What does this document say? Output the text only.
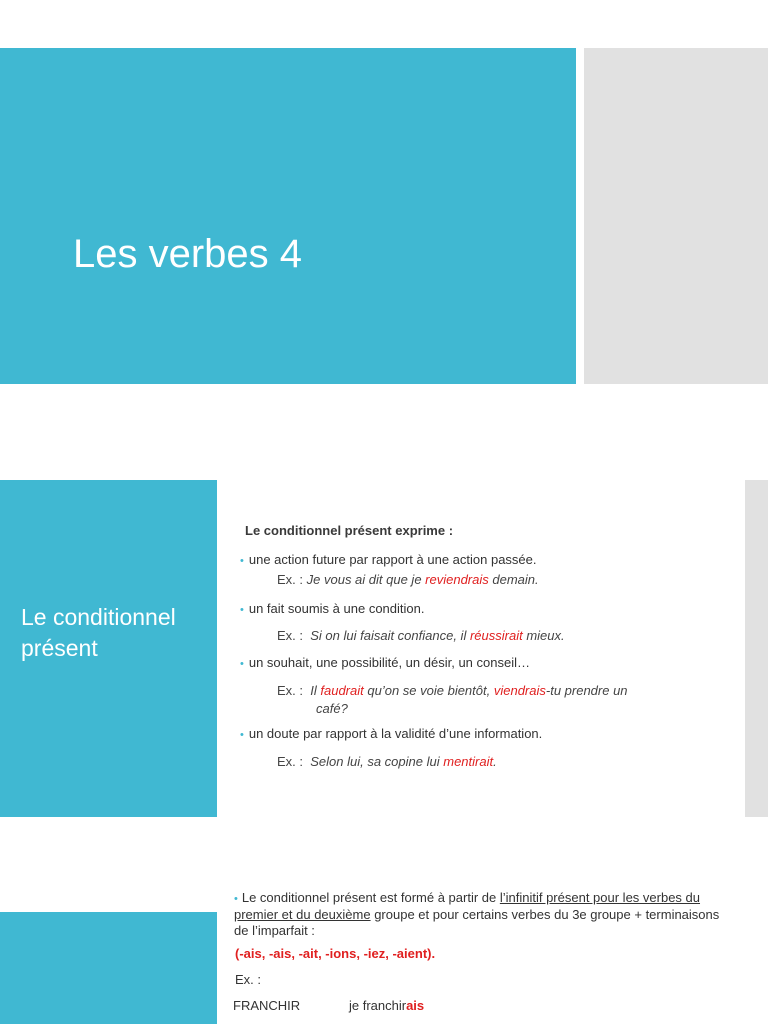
Les verbes 4
Le conditionnel présent
Le conditionnel présent exprime :
• une action future par rapport à une action passée.
Ex. : Je vous ai dit que je reviendrais demain.
• un fait soumis à une condition.
Ex. : Si on lui faisait confiance, il réussirait mieux.
• un souhait, une possibilité, un désir, un conseil…
Ex. : Il faudrait qu’on se voie bientôt, viendrais-tu prendre un
café?
• un doute par rapport à la validité d’une information.
Ex. : Selon lui, sa copine lui mentirait.
• Le conditionnel présent est formé à partir de l’infinitif présent pour les verbes du premier et du deuxième groupe et pour certains verbes du 3e groupe + terminaisons de l’imparfait :
(-ais, -ais, -ait, -ions, -iez, -aient).
Ex. :
FRANCHIR	je franchirais
